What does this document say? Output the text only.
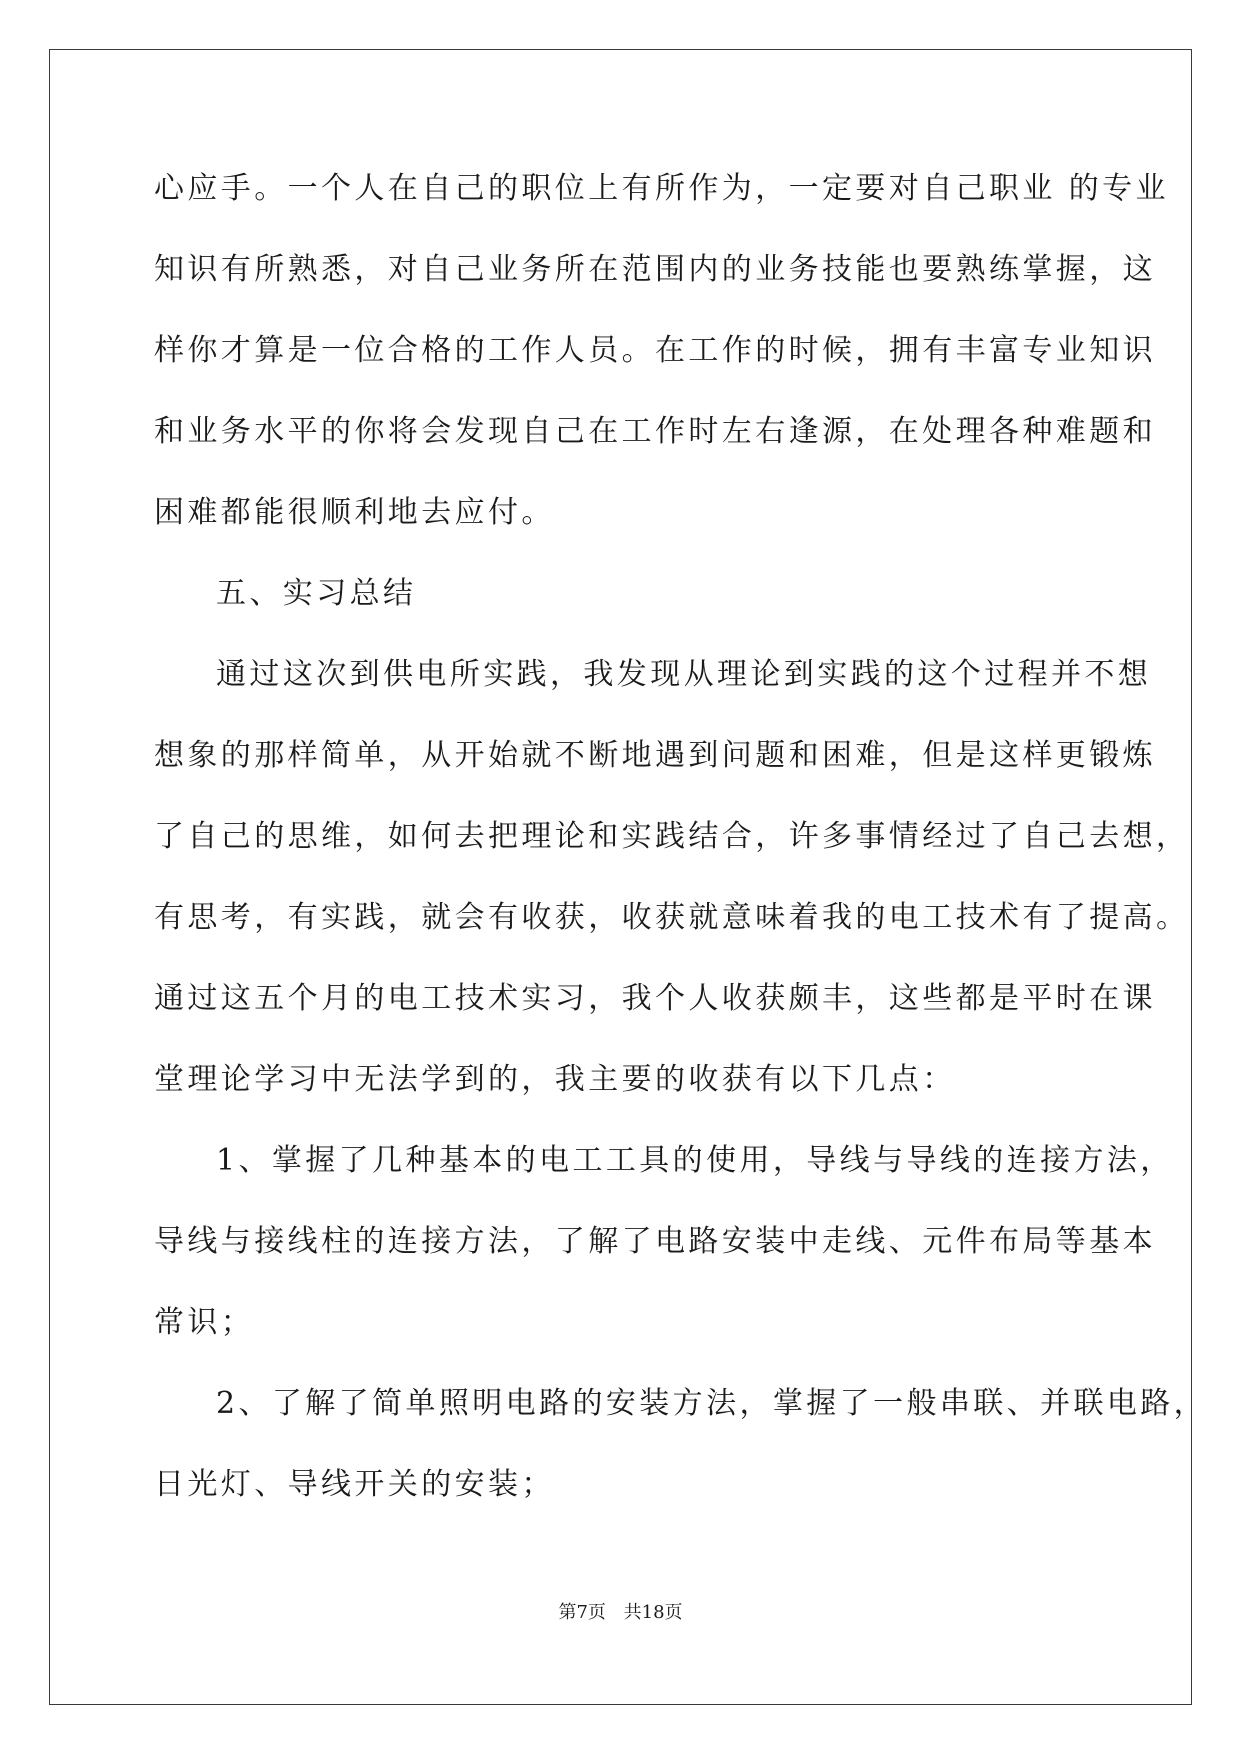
心应手。一个人在自己的职位上有所作为，一定要对自己职业 的专业
知识有所熟悉，对自己业务所在范围内的业务技能也要熟练掌握，这
样你才算是一位合格的工作人员。在工作的时候，拥有丰富专业知识
和业务水平的你将会发现自己在工作时左右逢源，在处理各种难题和
困难都能很顺利地去应付。
五、实习总结
通过这次到供电所实践，我发现从理论到实践的这个过程并不想
想象的那样简单，从开始就不断地遇到问题和困难，但是这样更锻炼
了自己的思维，如何去把理论和实践结合，许多事情经过了自己去想，
有思考，有实践，就会有收获，收获就意味着我的电工技术有了提高。
通过这五个月的电工技术实习，我个人收获颇丰，这些都是平时在课
堂理论学习中无法学到的，我主要的收获有以下几点：
1、掌握了几种基本的电工工具的使用，导线与导线的连接方法，
导线与接线柱的连接方法，了解了电路安装中走线、元件布局等基本
常识；
2、了解了简单照明电路的安装方法，掌握了一般串联、并联电路，
日光灯、导线开关的安装；
第7页 共18页
